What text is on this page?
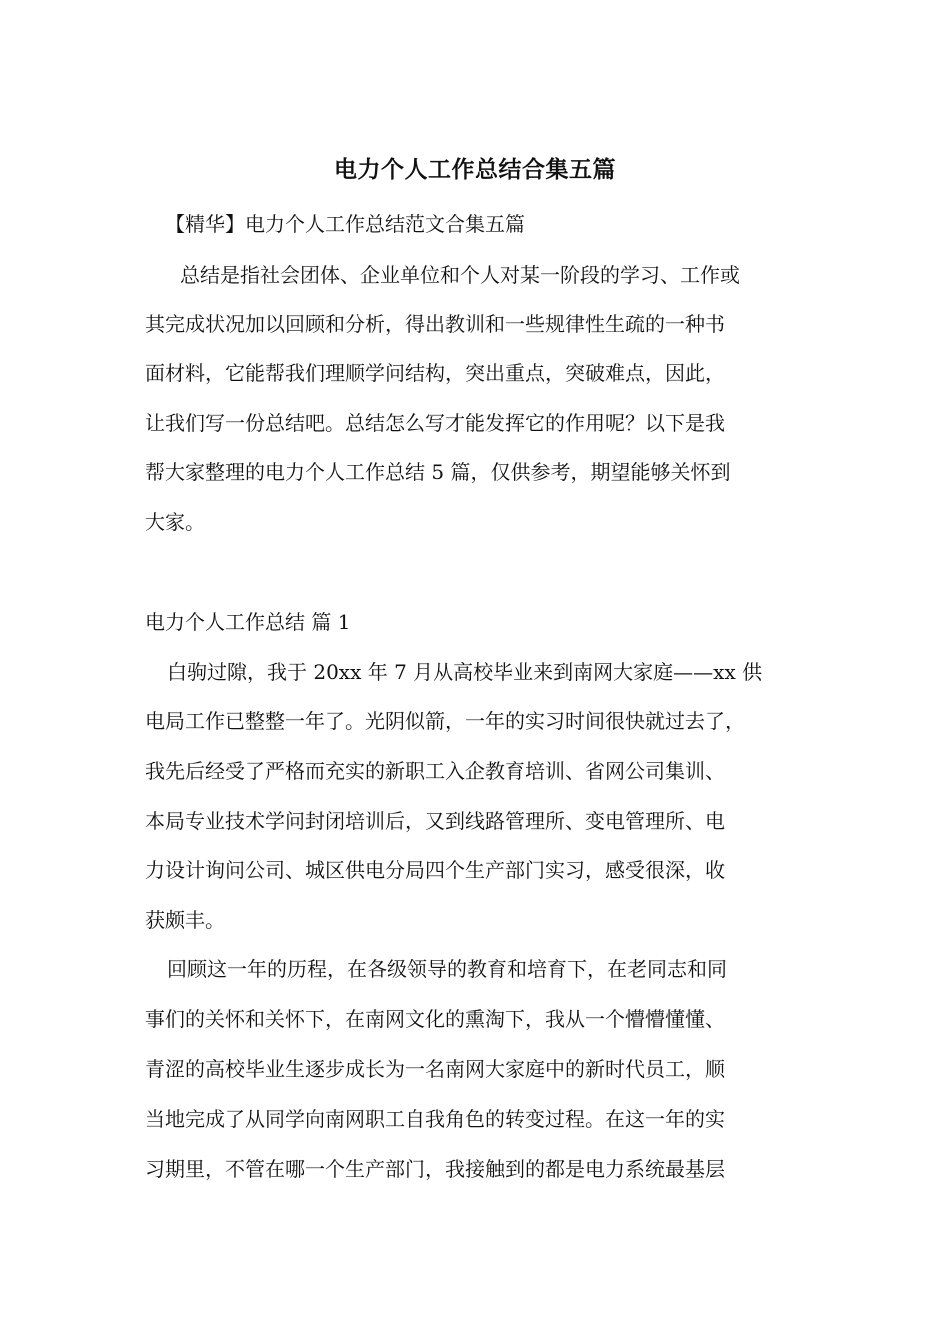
电力个人工作总结合集五篇
【精华】电力个人工作总结范文合集五篇
总结是指社会团体、企业单位和个人对某一阶段的学习、工作或
其完成状况加以回顾和分析，得出教训和一些规律性生疏的一种书
面材料，它能帮我们理顺学问结构，突出重点，突破难点，因此，
让我们写一份总结吧。总结怎么写才能发挥它的作用呢？以下是我
帮大家整理的电力个人工作总结 5 篇，仅供参考，期望能够关怀到
大家。
电力个人工作总结 篇 1
白驹过隙，我于 20xx 年 7 月从高校毕业来到南网大家庭——xx 供
电局工作已整整一年了。光阴似箭，一年的实习时间很快就过去了，
我先后经受了严格而充实的新职工入企教育培训、省网公司集训、
本局专业技术学问封闭培训后，又到线路管理所、变电管理所、电
力设计询问公司、城区供电分局四个生产部门实习，感受很深，收
获颇丰。
回顾这一年的历程，在各级领导的教育和培育下，在老同志和同
事们的关怀和关怀下，在南网文化的熏淘下，我从一个懵懵懂懂、
青涩的高校毕业生逐步成长为一名南网大家庭中的新时代员工，顺
当地完成了从同学向南网职工自我角色的转变过程。在这一年的实
习期里，不管在哪一个生产部门，我接触到的都是电力系统最基层
